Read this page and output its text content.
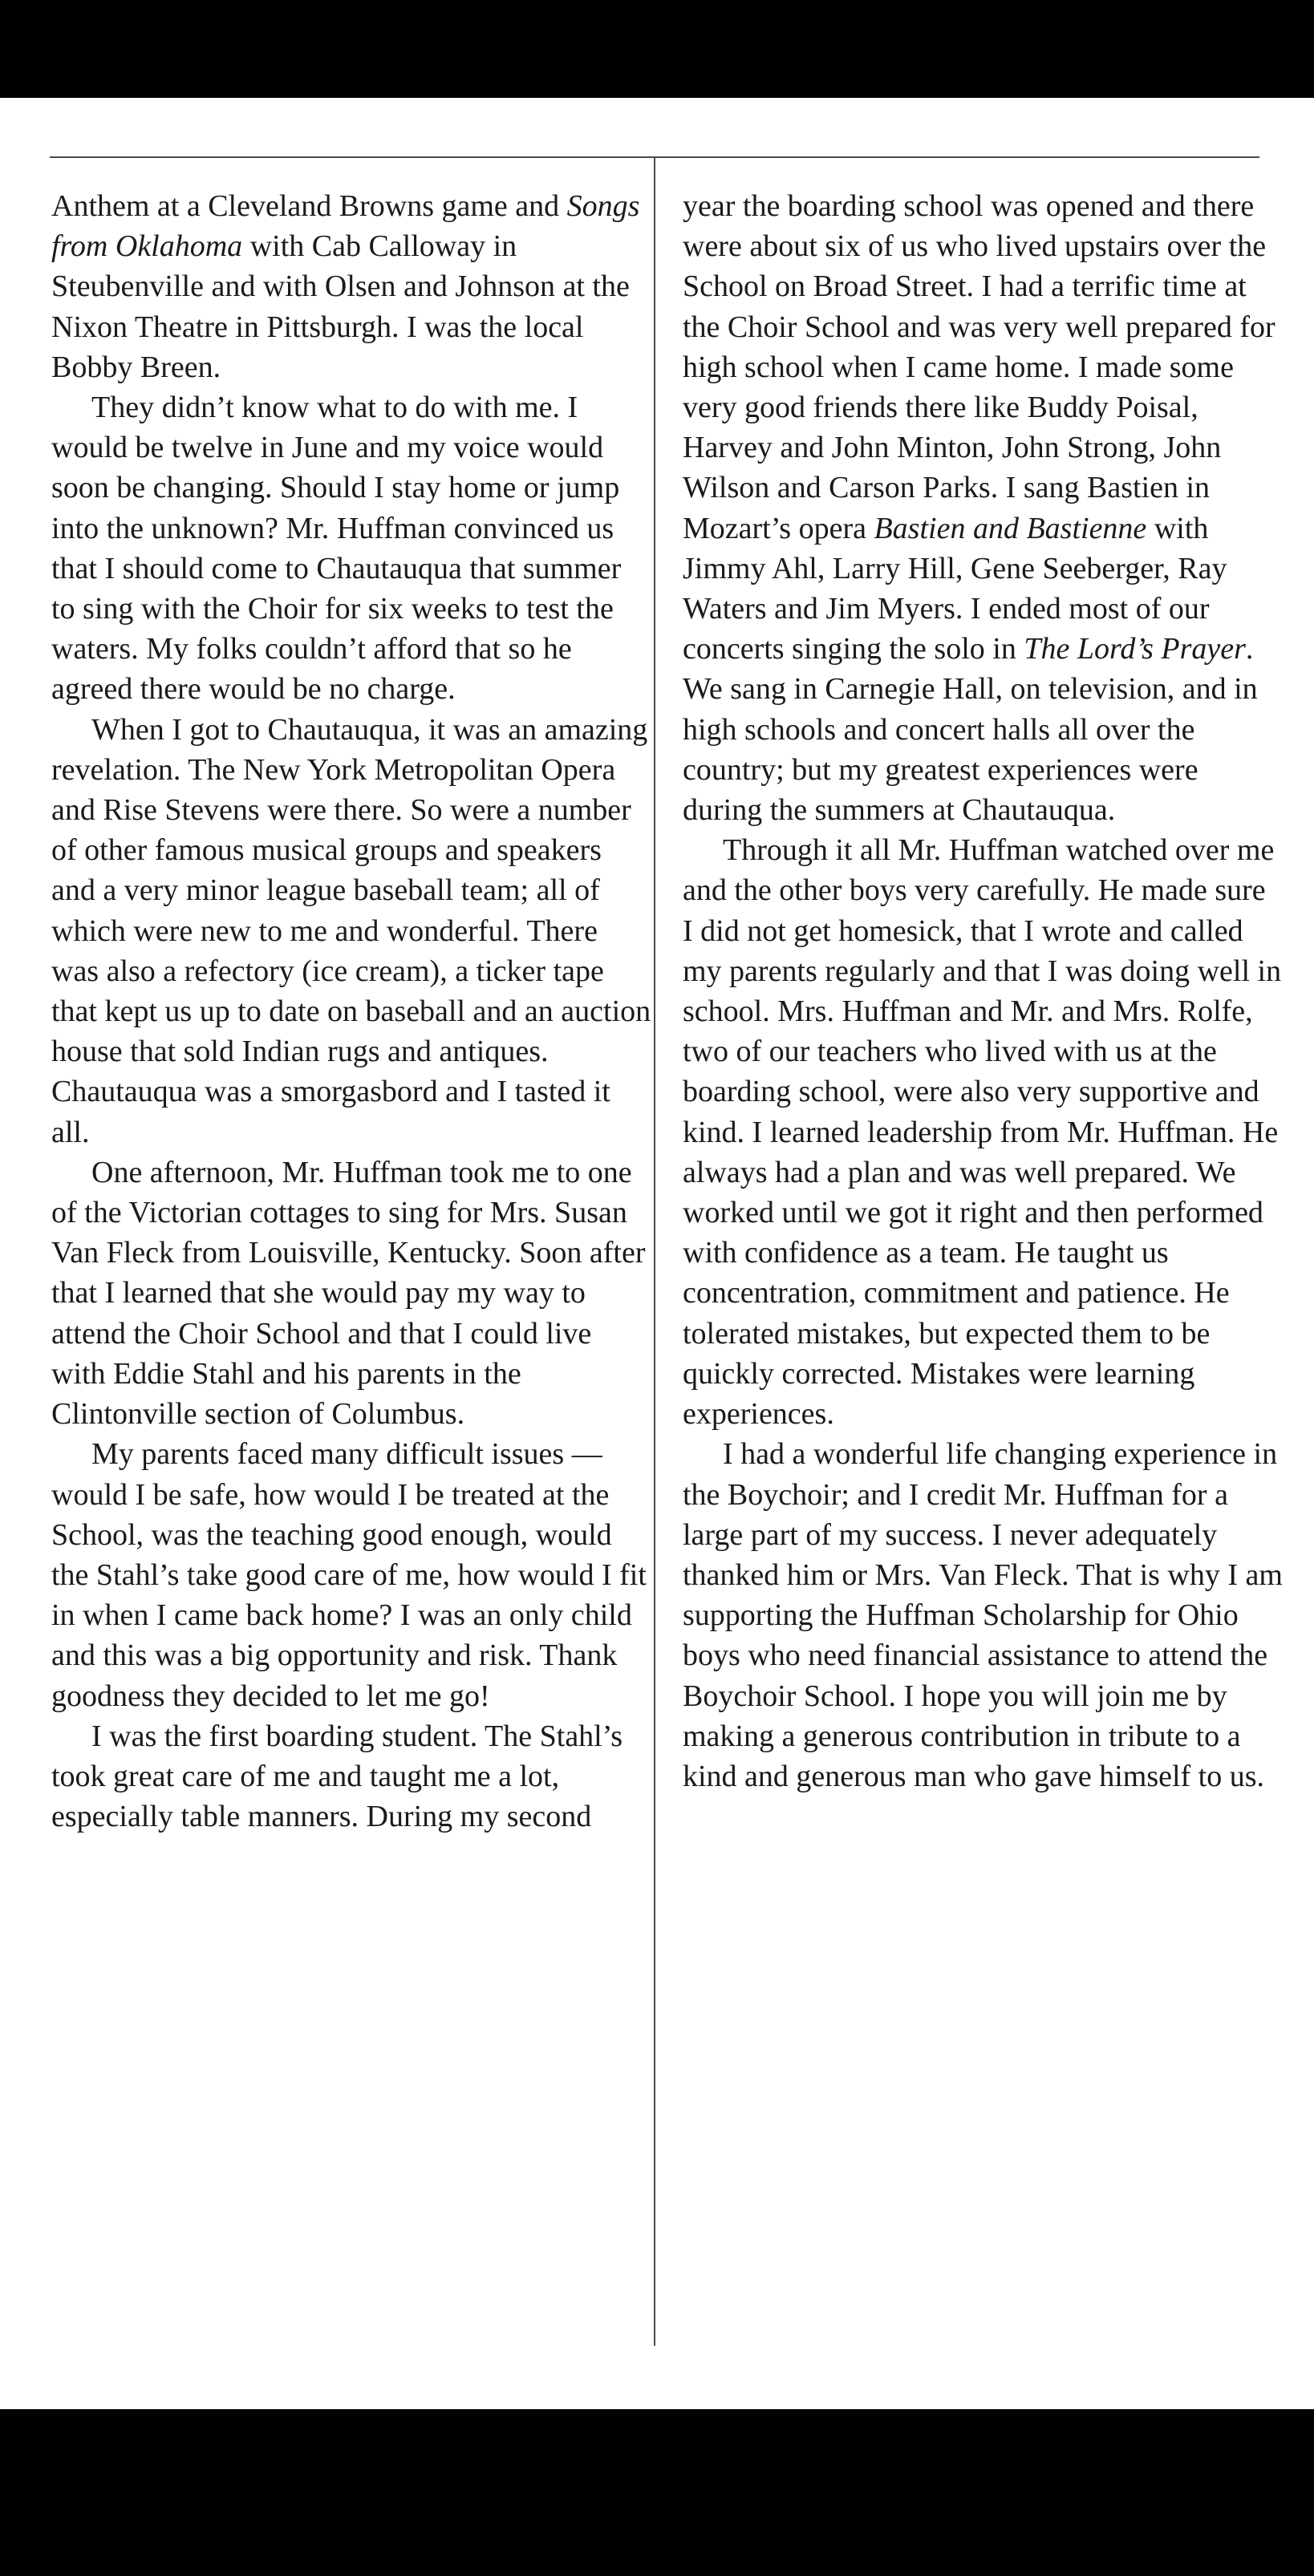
Anthem at a Cleveland Browns game and Songs from Oklahoma with Cab Calloway in Steubenville and with Olsen and Johnson at the Nixon Theatre in Pittsburgh. I was the local Bobby Breen.

They didn’t know what to do with me. I would be twelve in June and my voice would soon be changing. Should I stay home or jump into the unknown? Mr. Huffman convinced us that I should come to Chautauqua that summer to sing with the Choir for six weeks to test the waters. My folks couldn’t afford that so he agreed there would be no charge.

When I got to Chautauqua, it was an amazing revelation. The New York Metropolitan Opera and Rise Stevens were there. So were a number of other famous musical groups and speakers and a very minor league baseball team; all of which were new to me and wonderful. There was also a refectory (ice cream), a ticker tape that kept us up to date on baseball and an auction house that sold Indian rugs and antiques. Chautauqua was a smorgasbord and I tasted it all.

One afternoon, Mr. Huffman took me to one of the Victorian cottages to sing for Mrs. Susan Van Fleck from Louisville, Kentucky. Soon after that I learned that she would pay my way to attend the Choir School and that I could live with Eddie Stahl and his parents in the Clintonville section of Columbus.

My parents faced many difficult issues — would I be safe, how would I be treated at the School, was the teaching good enough, would the Stahl’s take good care of me, how would I fit in when I came back home? I was an only child and this was a big opportunity and risk. Thank goodness they decided to let me go!

I was the first boarding student. The Stahl’s took great care of me and taught me a lot, especially table manners. During my second

year the boarding school was opened and there were about six of us who lived upstairs over the School on Broad Street. I had a terrific time at the Choir School and was very well prepared for high school when I came home. I made some very good friends there like Buddy Poisal, Harvey and John Minton, John Strong, John Wilson and Carson Parks. I sang Bastien in Mozart’s opera Bastien and Bastienne with Jimmy Ahl, Larry Hill, Gene Seeberger, Ray Waters and Jim Myers. I ended most of our concerts singing the solo in The Lord’s Prayer. We sang in Carnegie Hall, on television, and in high schools and concert halls all over the country; but my greatest experiences were during the summers at Chautauqua.

Through it all Mr. Huffman watched over me and the other boys very carefully. He made sure I did not get homesick, that I wrote and called my parents regularly and that I was doing well in school. Mrs. Huffman and Mr. and Mrs. Rolfe, two of our teachers who lived with us at the boarding school, were also very supportive and kind. I learned leadership from Mr. Huffman. He always had a plan and was well prepared. We worked until we got it right and then performed with confidence as a team. He taught us concentration, commitment and patience. He tolerated mistakes, but expected them to be quickly corrected. Mistakes were learning experiences.

I had a wonderful life changing experience in the Boychoir; and I credit Mr. Huffman for a large part of my success. I never adequately thanked him or Mrs. Van Fleck. That is why I am supporting the Huffman Scholarship for Ohio boys who need financial assistance to attend the Boychoir School. I hope you will join me by making a generous contribution in tribute to a kind and generous man who gave himself to us.
